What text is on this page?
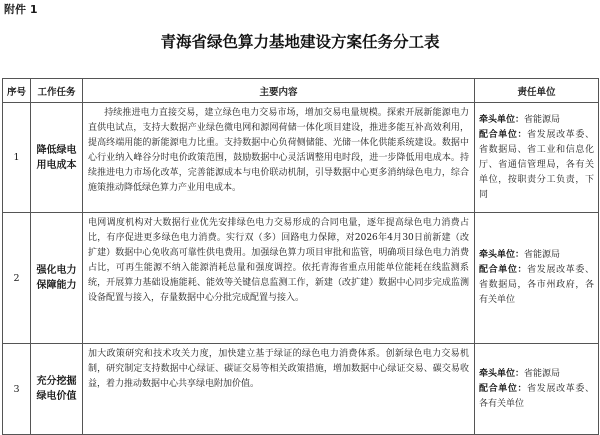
附件 1
青海省绿色算力基地建设方案任务分工表
序号	工作任务	主要内容	责任单位
1	降低绿电用电成本	持续推进电力直接交易，建立绿色电力交易市场，增加交易电量规模。探索开展新能源电力直供电试点，支持大数据产业绿色微电网和源网荷储一体化项目建设，推进多能互补高效利用，提高终端用能的新能源电力比重。支持数据中心负荷侧储能、光储一体化供能系统建设。数据中心行业纳入峰谷分时电价政策范围，鼓励数据中心灵活调整用电时段，进一步降低用电成本。持续推进电力市场化改革，完善能源成本与电价联动机制，引导数据中心更多消纳绿色电力，综合施策推动降低绿色算力产业用电成本。	牵头单位：省能源局
配合单位：省发展改革委、省数据局、省工业和信息化厅、省通信管理局，各有关单位，按职责分工负责，下同

2	强化电力保障能力	电网调度机构对大数据行业优先安排绿色电力交易形成的合同电量，逐年提高绿色电力消费占比，有序促进更多绿色电力消费。实行双（多）回路电力保障，对2026年4月30日前新建（改扩建）数据中心免收高可靠性供电费用。加强绿色算力项目审批和监管，明确项目绿色电力消费占比，可再生能源不纳入能源消耗总量和强度调控。依托青海省重点用能单位能耗在线监测系统，开展算力基础设施能耗、能效等关键信息监测工作，新建（改扩建）数据中心同步完成监测设备配置与接入，存量数据中心分批完成配置与接入。	牵头单位：省能源局
配合单位：省发展改革委、省数据局，各市州政府，各有关单位

3	充分挖掘绿电价值	加大政策研究和技术攻关力度，加快建立基于绿证的绿色电力消费体系。创新绿色电力交易机制，研究制定支持数据中心绿证、碳证交易等相关政策措施，增加数据中心绿证交易、碳交易收益，着力推动数据中心共享绿电附加价值。	牵头单位：省能源局
配合单位：省发展改革委、各有关单位
